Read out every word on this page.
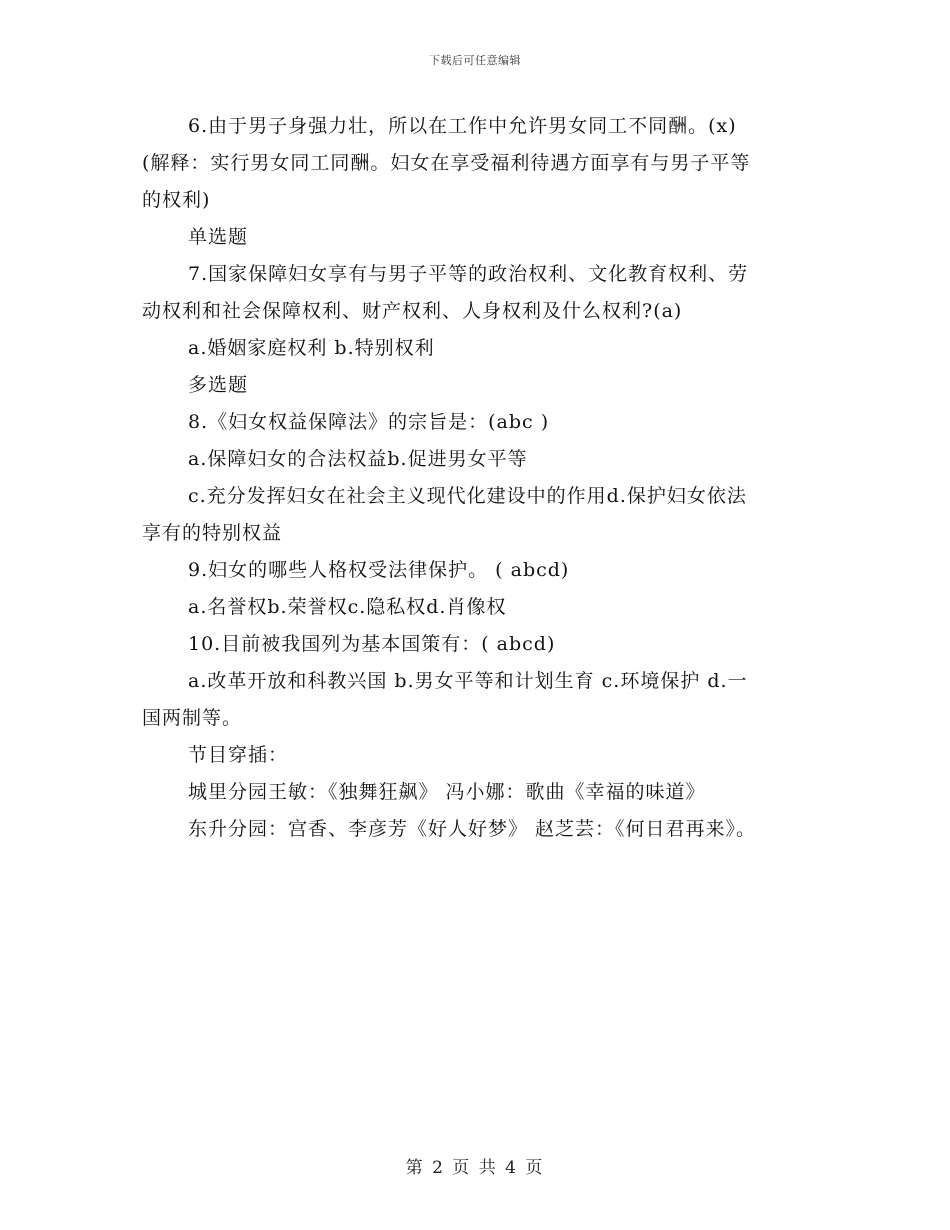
下载后可任意编辑
6.由于男子身强力壮，所以在工作中允许男女同工不同酬。(x)
(解释：实行男女同工同酬。妇女在享受福利待遇方面享有与男子平等
的权利)
单选题
7.国家保障妇女享有与男子平等的政治权利、文化教育权利、劳
动权利和社会保障权利、财产权利、人身权利及什么权利?(a)
a.婚姻家庭权利 b.特别权利
多选题
8.《妇女权益保障法》的宗旨是：(abc )
a.保障妇女的合法权益b.促进男女平等
c.充分发挥妇女在社会主义现代化建设中的作用d.保护妇女依法
享有的特别权益
9.妇女的哪些人格权受法律保护。 ( abcd)
a.名誉权b.荣誉权c.隐私权d.肖像权
10.目前被我国列为基本国策有：( abcd)
a.改革开放和科教兴国 b.男女平等和计划生育 c.环境保护 d.一
国两制等。
节目穿插：
城里分园王敏：《独舞狂飙》 冯小娜：歌曲《幸福的味道》
东升分园：宫香、李彦芳《好人好梦》 赵芝芸：《何日君再来》。
第 2 页 共 4 页
